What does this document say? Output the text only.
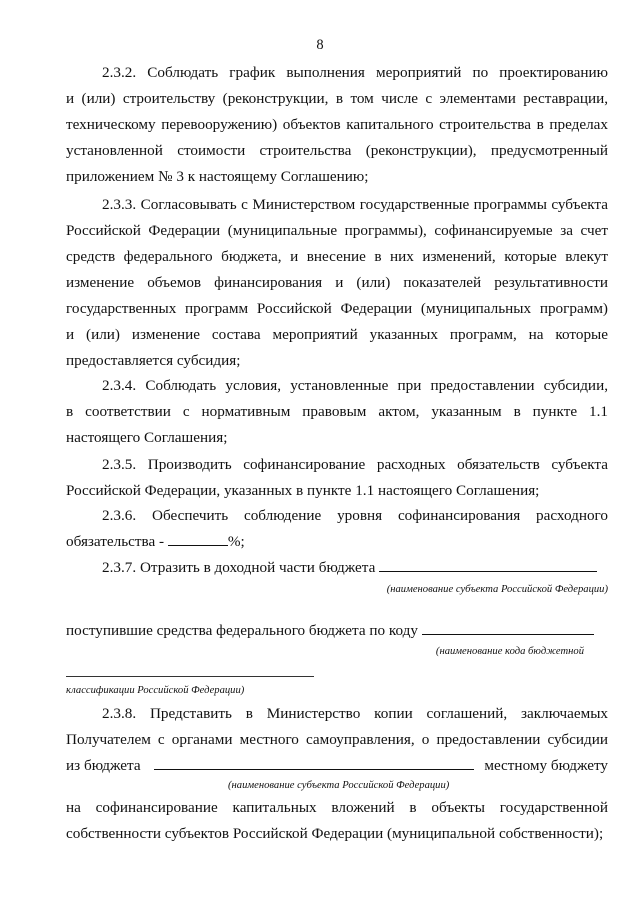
8
2.3.2. Соблюдать график выполнения мероприятий по проектированию
и (или) строительству (реконструкции, в том числе с элементами реставрации,
техническому перевооружению) объектов капитального строительства в пределах
установленной стоимости строительства (реконструкции), предусмотренный
приложением № 3 к настоящему Соглашению;
2.3.3. Согласовывать с Министерством государственные программы субъекта
Российской Федерации (муниципальные программы), софинансируемые за счет
средств федерального бюджета, и внесение в них изменений, которые влекут
изменение объемов финансирования и (или) показателей результативности
государственных программ Российской Федерации (муниципальных программ)
и (или) изменение состава мероприятий указанных программ, на которые
предоставляется субсидия;
2.3.4. Соблюдать условия, установленные при предоставлении субсидии,
в соответствии с нормативным правовым актом, указанным в пункте 1.1
настоящего Соглашения;
2.3.5. Производить софинансирование расходных обязательств субъекта
Российской Федерации, указанных в пункте 1.1 настоящего Соглашения;
2.3.6. Обеспечить соблюдение уровня софинансирования расходного
обязательства -	%;
2.3.7. Отразить в доходной части бюджета
(наименование субъекта Российской Федерации)
поступившие средства федерального бюджета по коду
(наименование кода бюджетной
классификации Российской Федерации)
2.3.8. Представить в Министерство копии соглашений, заключаемых
Получателем с органами местного самоуправления, о предоставлении субсидии
из бюджета	местному бюджету
(наименование субъекта Российской Федерации)
на софинансирование капитальных вложений в объекты государственной
собственности субъектов Российской Федерации (муниципальной собственности);
